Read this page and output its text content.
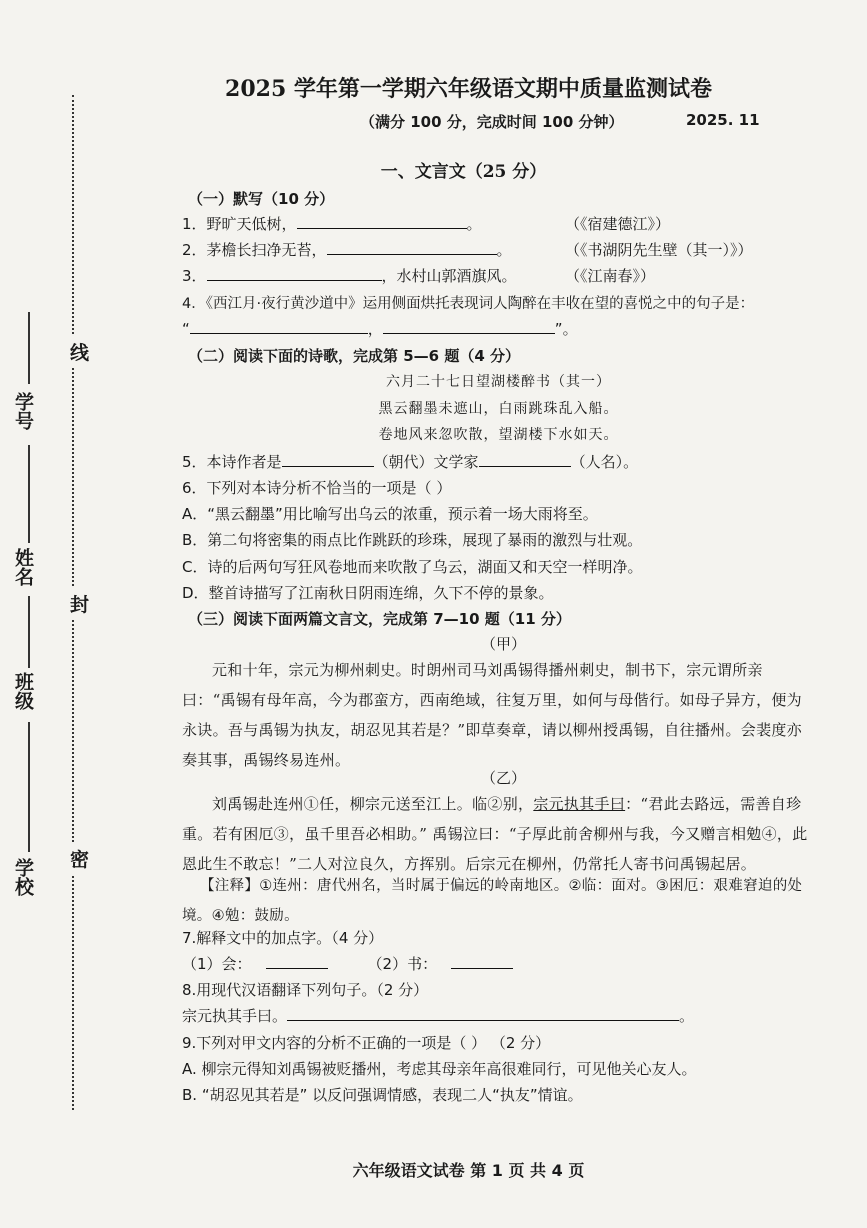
学号
姓名
班级
学校
线
封
密
2025 学年第一学期六年级语文期中质量监测试卷
（满分 100 分，完成时间 100 分钟）	2025. 11
一、文言文（25 分）
（一）默写（10 分）
1．野旷天低树，	。	（《宿建德江》）
2．茅檐长扫净无苔，	。	（《书湖阴先生壁（其一）》）
3．	，水村山郭酒旗风。	（《江南春》）
4．《西江月·夜行黄沙道中》运用侧面烘托表现词人陶醉在丰收在望的喜悦之中的句子是：
“	，	”。
（二）阅读下面的诗歌，完成第 5—6 题（4 分）
六月二十七日望湖楼醉书（其一）
黑云翻墨未遮山，白雨跳珠乱入船。
卷地风来忽吹散，望湖楼下水如天。
5．本诗作者是	（朝代）文学家	（人名）。
6．下列对本诗分析不恰当的一项是（ ）
A．“黑云翻墨”用比喻写出乌云的浓重，预示着一场大雨将至。
B．第二句将密集的雨点比作跳跃的珍珠，展现了暴雨的激烈与壮观。
C．诗的后两句写狂风卷地而来吹散了乌云，湖面又和天空一样明净。
D．整首诗描写了江南秋日阴雨连绵，久下不停的景象。
（三）阅读下面两篇文言文，完成第 7—10 题（11 分）
（甲）
元和十年，宗元为柳州刺史。时朗州司马刘禹锡得播州刺史，制书下，宗元谓所亲曰：“禹锡有母年高，今为郡蛮方，西南绝域，往复万里，如何与母偕行。如母子异方，便为永诀。吾与禹锡为执友，胡忍见其若是？”即草奏章，请以柳州授禹锡，自往播州。会裴度亦奏其事，禹锡终易连州。
（乙）
刘禹锡赴连州①任，柳宗元送至江上。临②别，宗元执其手曰：“君此去路远，需善自珍重。若有困厄③，虽千里吾必相助。” 禹锡泣曰：“子厚此前舍柳州与我，今又赠言相勉④，此恩此生不敢忘！”二人对泣良久，方挥别。后宗元在柳州，仍常托人寄书问禹锡起居。
【注释】①连州：唐代州名，当时属于偏远的岭南地区。②临：面对。③困厄：艰难窘迫的处境。④勉：鼓励。
7.解释文中的加点字。（4 分）
（1）会：	（2）书：
8.用现代汉语翻译下列句子。（2 分）
宗元执其手曰。	。
9.下列对甲文内容的分析不正确的一项是（ ） （2 分）
A. 柳宗元得知刘禹锡被贬播州，考虑其母亲年高很难同行，可见他关心友人。
B. “胡忍见其若是” 以反问强调情感，表现二人“执友”情谊。
六年级语文试卷 第 1 页 共 4 页
